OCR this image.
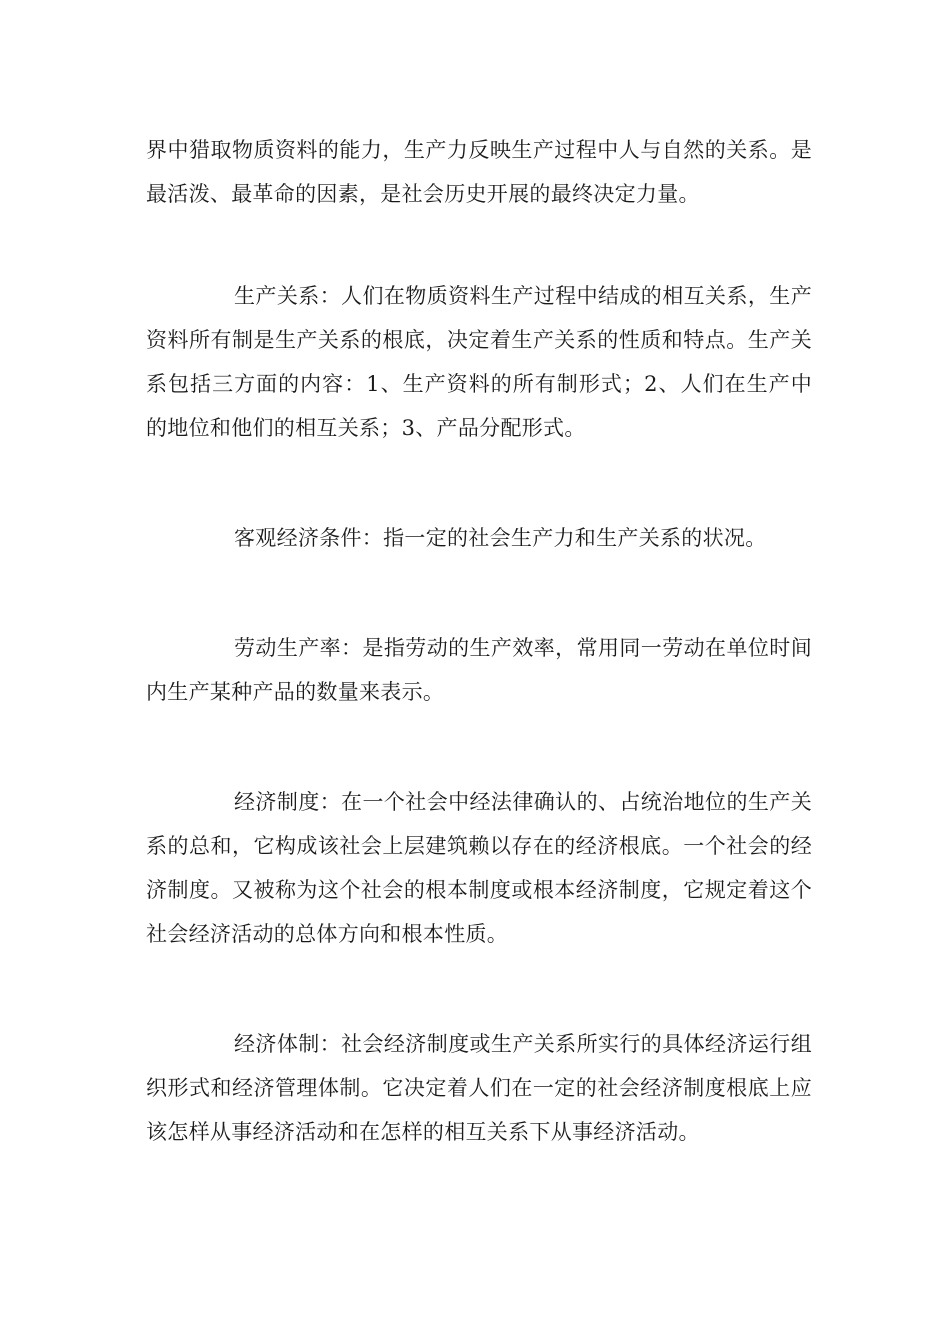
界中猎取物质资料的能力，生产力反映生产过程中人与自然的关系。是最活泼、最革命的因素，是社会历史开展的最终决定力量。

生产关系：人们在物质资料生产过程中结成的相互关系，生产资料所有制是生产关系的根底，决定着生产关系的性质和特点。生产关系包括三方面的内容：1、生产资料的所有制形式；2、人们在生产中的地位和他们的相互关系；3、产品分配形式。

客观经济条件：指一定的社会生产力和生产关系的状况。

劳动生产率：是指劳动的生产效率，常用同一劳动在单位时间内生产某种产品的数量来表示。

经济制度：在一个社会中经法律确认的、占统治地位的生产关系的总和，它构成该社会上层建筑赖以存在的经济根底。一个社会的经济制度。又被称为这个社会的根本制度或根本经济制度，它规定着这个社会经济活动的总体方向和根本性质。

经济体制：社会经济制度或生产关系所实行的具体经济运行组织形式和经济管理体制。它决定着人们在一定的社会经济制度根底上应该怎样从事经济活动和在怎样的相互关系下从事经济活动。
